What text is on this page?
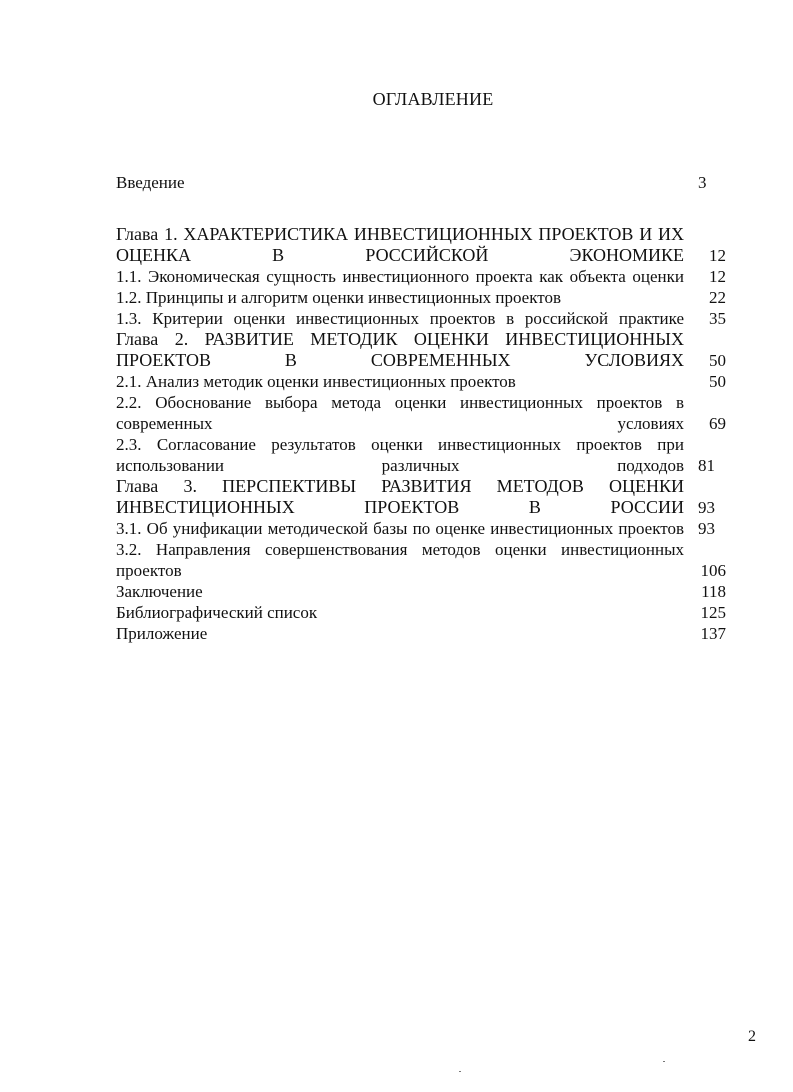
ОГЛАВЛЕНИЕ
Введение	3
Глава 1. ХАРАКТЕРИСТИКА ИНВЕСТИЦИОННЫХ ПРОЕКТОВ И ИХ ОЦЕНКА В РОССИЙСКОЙ ЭКОНОМИКЕ	12
1.1. Экономическая сущность инвестиционного проекта как объекта оценки	12
1.2. Принципы и алгоритм оценки инвестиционных проектов	22
1.3. Критерии оценки инвестиционных проектов в российской практике	35
Глава 2. РАЗВИТИЕ МЕТОДИК ОЦЕНКИ ИНВЕСТИЦИОННЫХ ПРОЕКТОВ В СОВРЕМЕННЫХ УСЛОВИЯХ	50
2.1. Анализ методик оценки инвестиционных проектов	50
2.2. Обоснование выбора метода оценки инвестиционных проектов в современных условиях	69
2.3. Согласование результатов оценки инвестиционных проектов при использовании различных подходов 81
Глава 3. ПЕРСПЕКТИВЫ РАЗВИТИЯ МЕТОДОВ ОЦЕНКИ ИНВЕСТИЦИОННЫХ ПРОЕКТОВ В РОССИИ 93
3.1. Об унификации методической базы по оценке инвестиционных проектов 93
3.2. Направления совершенствования методов оценки инвестиционных проектов	106
Заключение	118
Библиографический список	125
Приложение	137
2
